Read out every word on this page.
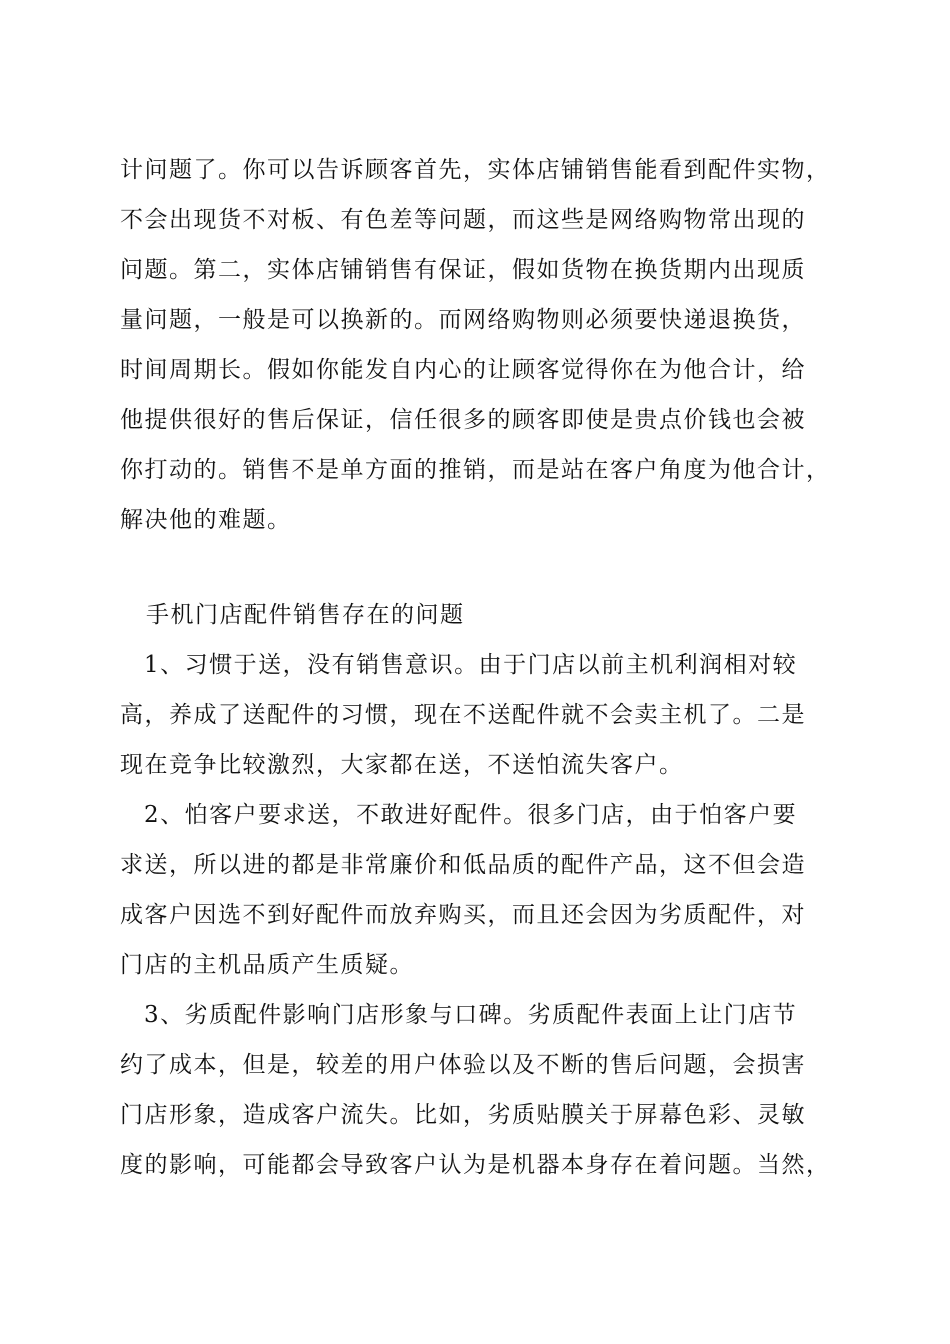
计问题了。你可以告诉顾客首先，实体店铺销售能看到配件实物，
不会出现货不对板、有色差等问题，而这些是网络购物常出现的
问题。第二，实体店铺销售有保证，假如货物在换货期内出现质
量问题，一般是可以换新的。而网络购物则必须要快递退换货，
时间周期长。假如你能发自内心的让顾客觉得你在为他合计，给
他提供很好的售后保证，信任很多的顾客即使是贵点价钱也会被
你打动的。销售不是单方面的推销，而是站在客户角度为他合计，
解决他的难题。
手机门店配件销售存在的问题
1、习惯于送，没有销售意识。由于门店以前主机利润相对较
高，养成了送配件的习惯，现在不送配件就不会卖主机了。二是
现在竞争比较激烈，大家都在送，不送怕流失客户。
2、怕客户要求送，不敢进好配件。很多门店，由于怕客户要
求送，所以进的都是非常廉价和低品质的配件产品，这不但会造
成客户因选不到好配件而放弃购买，而且还会因为劣质配件，对
门店的主机品质产生质疑。
3、劣质配件影响门店形象与口碑。劣质配件表面上让门店节
约了成本，但是，较差的用户体验以及不断的售后问题，会损害
门店形象，造成客户流失。比如，劣质贴膜关于屏幕色彩、灵敏
度的影响，可能都会导致客户认为是机器本身存在着问题。当然，
